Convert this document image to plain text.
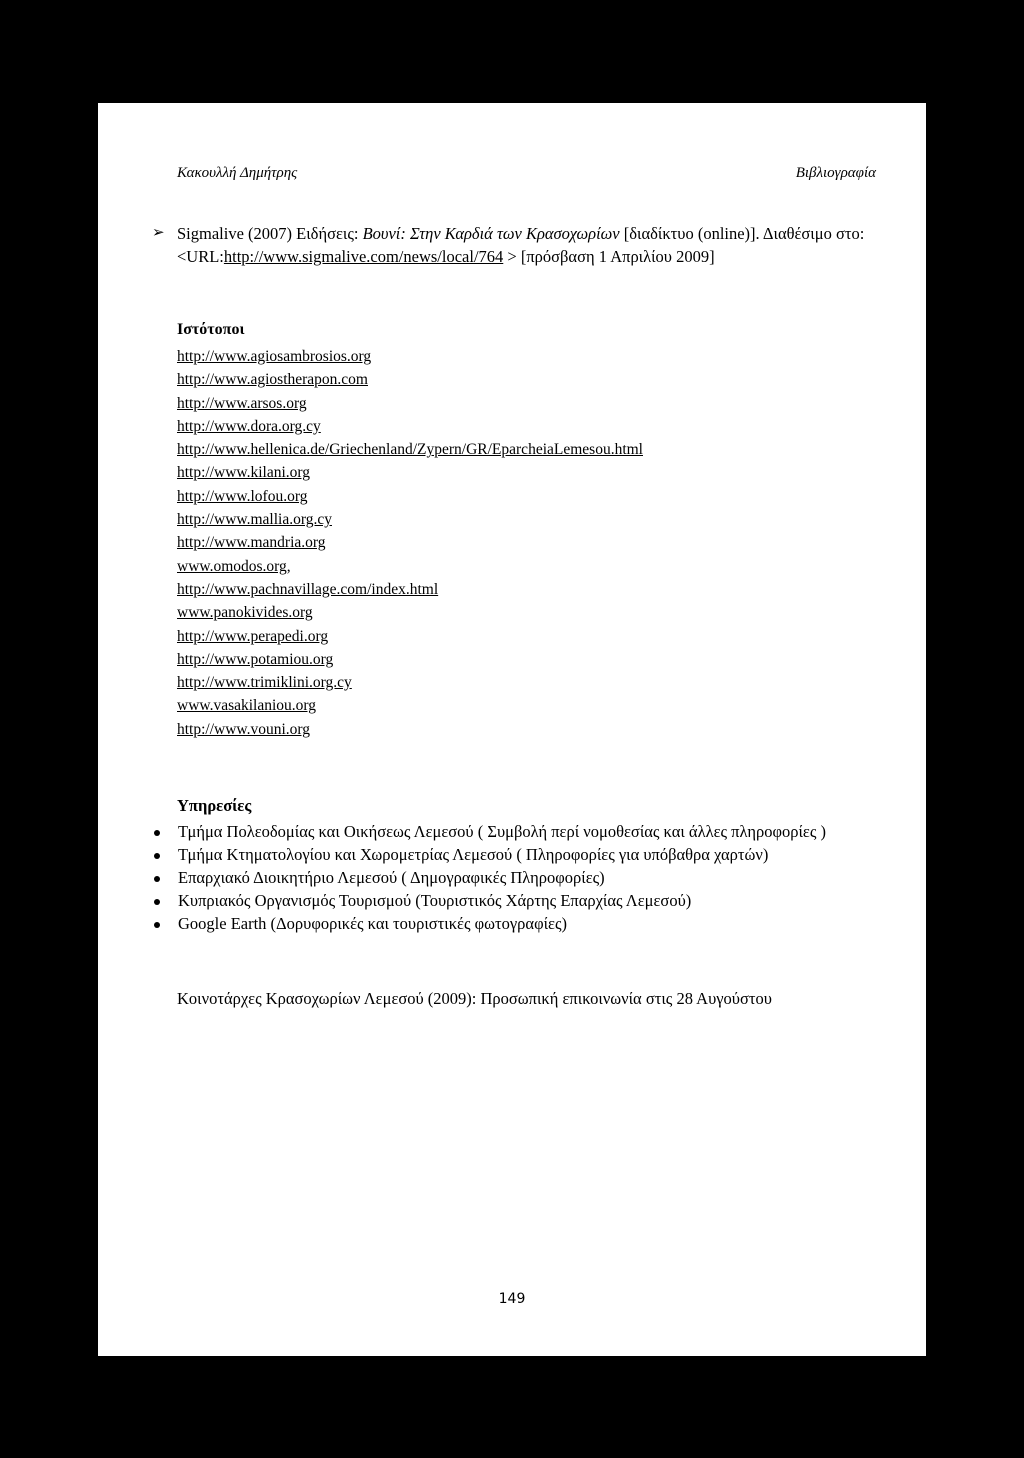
Κακουλλή Δημήτρης	Βιβλιογραφία
➢ Sigmalive (2007) Ειδήσεις: Βουνί: Στην Καρδιά των Κρασοχωρίων [διαδίκτυο (online)]. Διαθέσιμο στο: <URL:http://www.sigmalive.com/news/local/764 > [πρόσβαση 1 Απριλίου 2009]
Ιστότοποι
http://www.agiosambrosios.org
http://www.agiostherapon.com
http://www.arsos.org
http://www.dora.org.cy
http://www.hellenica.de/Griechenland/Zypern/GR/EparcheiaLemesou.html
http://www.kilani.org
http://www.lofou.org
http://www.mallia.org.cy
http://www.mandria.org
www.omodos.org,
http://www.pachnavillage.com/index.html
www.panokivides.org
http://www.perapedi.org
http://www.potamiou.org
http://www.trimiklini.org.cy
www.vasakilaniou.org
http://www.vouni.org
Υπηρεσίες
Τμήμα Πολεοδομίας και Οικήσεως Λεμεσού ( Συμβολή περί νομοθεσίας και άλλες πληροφορίες )
Τμήμα Κτηματολογίου και Χωρομετρίας Λεμεσού ( Πληροφορίες για υπόβαθρα χαρτών)
Επαρχιακό Διοικητήριο Λεμεσού ( Δημογραφικές Πληροφορίες)
Κυπριακός Οργανισμός Τουρισμού (Τουριστικός Χάρτης Επαρχίας Λεμεσού)
Google Earth (Δορυφορικές και τουριστικές φωτογραφίες)
Κοινοτάρχες Κρασοχωρίων Λεμεσού (2009): Προσωπική επικοινωνία στις 28 Αυγούστου
149
